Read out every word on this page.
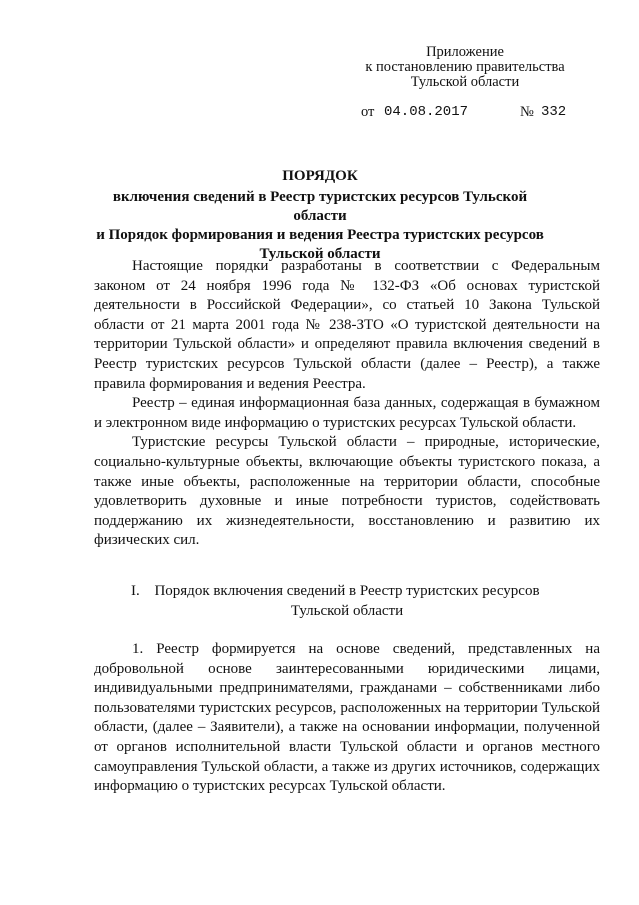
Приложение
к постановлению правительства
Тульской области
от 04.08.2017	№ 332
ПОРЯДОК
включения сведений в Реестр туристских ресурсов Тульской области
и Порядок формирования и ведения Реестра туристских ресурсов
Тульской области

Настоящие порядки разработаны в соответствии с Федеральным законом от 24 ноября 1996 года № 132-ФЗ «Об основах туристской деятельности в Российской Федерации», со статьей 10 Закона Тульской области от 21 марта 2001 года № 238-ЗТО «О туристской деятельности на территории Тульской области» и определяют правила включения сведений в Реестр туристских ресурсов Тульской области (далее – Реестр), а также правила формирования и ведения Реестра.

Реестр – единая информационная база данных, содержащая в бумажном и электронном виде информацию о туристских ресурсах Тульской области.

Туристские ресурсы Тульской области – природные, исторические, социально-культурные объекты, включающие объекты туристского показа, а также иные объекты, расположенные на территории области, способные удовлетворить духовные и иные потребности туристов, содействовать поддержанию их жизнедеятельности, восстановлению и развитию их физических сил.

I. Порядок включения сведений в Реестр туристских ресурсов
Тульской области

1. Реестр формируется на основе сведений, представленных на добровольной основе заинтересованными юридическими лицами, индивидуальными предпринимателями, гражданами – собственниками либо пользователями туристских ресурсов, расположенных на территории Тульской области, (далее – Заявители), а также на основании информации, полученной от органов исполнительной власти Тульской области и органов местного самоуправления Тульской области, а также из других источников, содержащих информацию о туристских ресурсах Тульской области.
